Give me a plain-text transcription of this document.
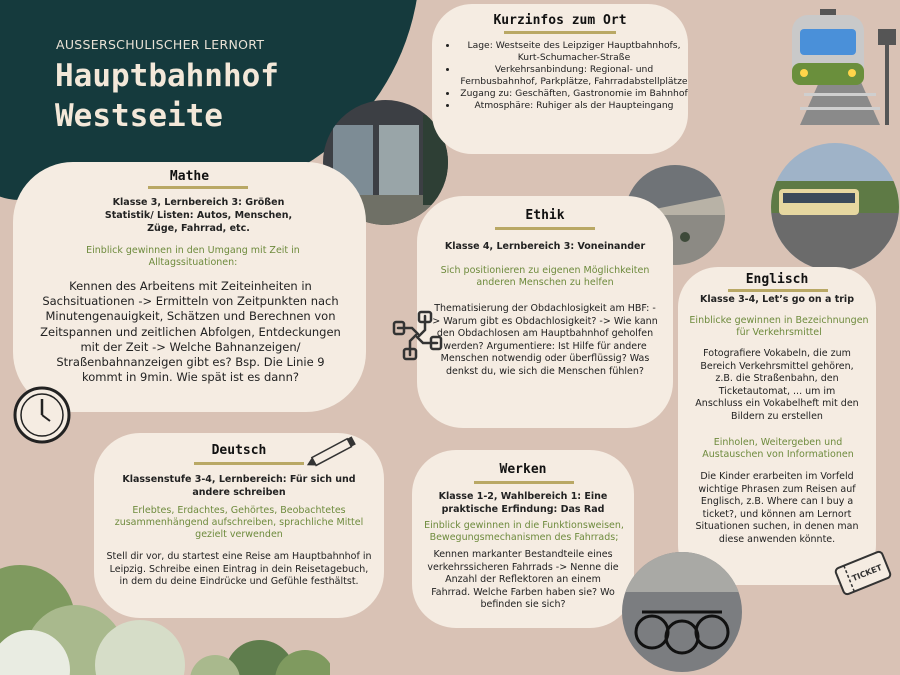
AUSSERSCHULISCHER LERNORT
Hauptbahnhof
Westseite
Kurzinfos zum Ort
• Lage: Westseite des Leipziger Hauptbahnhofs, Kurt-Schumacher-Straße
• Verkehrsanbindung: Regional- und Fernbusbahnhof, Parkplätze, Fahrradabstellplätze
• Zugang zu: Geschäften, Gastronomie im Bahnhof
• Atmosphäre: Ruhiger als der Haupteingang
Mathe
Klasse 3, Lernbereich 3: Größen Statistik/ Listen: Autos, Menschen, Züge, Fahrrad, etc.
Einblick gewinnen in den Umgang mit Zeit in Alltagssituationen:
Kennen des Arbeitens mit Zeiteinheiten in Sachsituationen -> Ermitteln von Zeitpunkten nach Minutengenauigkeit, Schätzen und Berechnen von Zeitspannen und zeitlichen Abfolgen, Entdeckungen mit der Zeit -> Welche Bahnanzeigen/ Straßenbahnanzeigen gibt es? Bsp. Die Linie 9 kommt in 9min. Wie spät ist es dann?
Ethik
Klasse 4, Lernbereich 3: Voneinander
Sich positionieren zu eigenen Möglichkeiten anderen Menschen zu helfen
Thematisierung der Obdachlosigkeit am HBF: -> Warum gibt es Obdachlosigkeit? -> Wie kann den Obdachlosen am Hauptbahnhof geholfen werden? Argumentiere: Ist Hilfe für andere Menschen notwendig oder überflüssig? Was denkst du, wie sich die Menschen fühlen?
Englisch
Klasse 3-4, Let’s go on a trip
Einblicke gewinnen in Bezeichnungen für Verkehrsmittel
Fotografiere Vokabeln, die zum Bereich Verkehrsmittel gehören, z.B. die Straßenbahn, den Ticketautomat, ... um im Anschluss ein Vokabelheft mit den Bildern zu erstellen
Einholen, Weitergeben und Austauschen von Informationen
Die Kinder erarbeiten im Vorfeld wichtige Phrasen zum Reisen auf Englisch, z.B. Where can I buy a ticket?, und können am Lernort Situationen suchen, in denen man diese anwenden könnte.
TICKET
Deutsch
Klassenstufe 3-4, Lernbereich: Für sich und andere schreiben
Erlebtes, Erdachtes, Gehörtes, Beobachtetes zusammenhängend aufschreiben, sprachliche Mittel gezielt verwenden
Stell dir vor, du startest eine Reise am Hauptbahnhof in Leipzig. Schreibe einen Eintrag in dein Reisetagebuch, in dem du deine Eindrücke und Gefühle festhältst.
Werken
Klasse 1-2, Wahlbereich 1: Eine praktische Erfindung: Das Rad
Einblick gewinnen in die Funktionsweisen, Bewegungsmechanismen des Fahrrads;
Kennen markanter Bestandteile eines verkehrssicheren Fahrrads -> Nenne die Anzahl der Reflektoren an einem Fahrrad. Welche Farben haben sie? Wo befinden sie sich?
